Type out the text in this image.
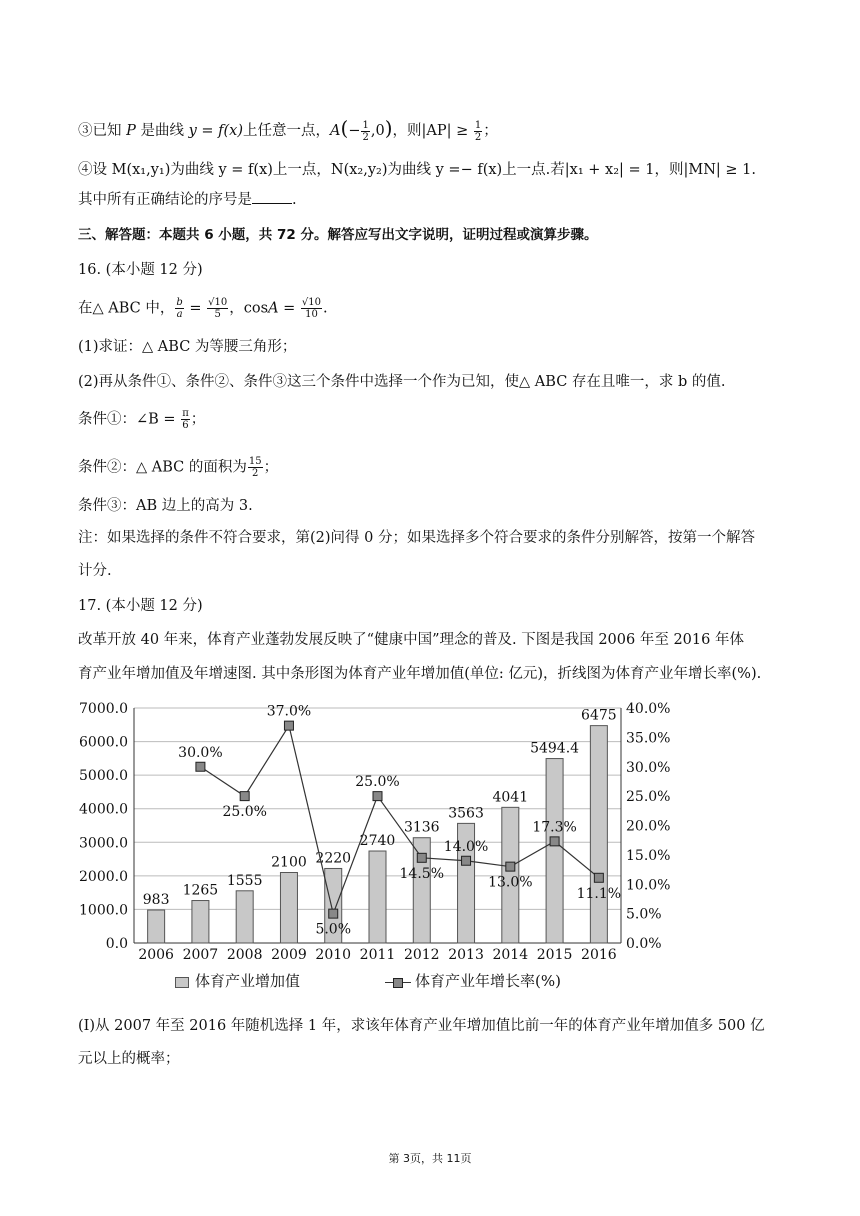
③已知 P 是曲线 y = f(x)上任意一点，$A(- \frac{1}{2} ,0)$，则$|AP| \ge \frac{1}{2}$ ；
④设 M(x₁,y₁)为曲线 y = f(x)上一点，N(x₂,y₂)为曲线 y =− f(x)上一点.若|x₁ + x₂| = 1，则|MN| ≥ 1.
其中所有正确结论的序号是	.
三、解答题：本题共 6 小题，共 72 分。解答应写出文字说明，证明过程或演算步骤。
16. (本小题 12 分)
在△ ABC 中， $\frac{b}{a} = \frac{√10}{5}$ ，$\cos A = \frac{√10}{10}$ .
(1)求证：△ ABC 为等腰三角形；
(2)再从条件①、条件②、条件③这三个条件中选择一个作为已知，使△ ABC 存在且唯一，求 b 的值.
条件①：∠B = $\frac{\pi}{6}$ ；
条件②：△ ABC 的面积为 $\frac{15}{2}$ ；
条件③：AB 边上的高为 3.
注：如果选择的条件不符合要求，第(2)问得 0 分；如果选择多个符合要求的条件分别解答，按第一个解答
计分.
17. (本小题 12 分)
改革开放 40 年来，体育产业蓬勃发展反映了“健康中国”理念的普及. 下图是我国 2006 年至 2016 年体
育产业年增加值及年增速图. 其中条形图为体育产业年增加值(单位: 亿元)，折线图为体育产业年增长率(%).
0.0
1000.0
2000.0
3000.0
4000.0
5000.0
6000.0
7000.0
0.0%
5.0%
10.0%
15.0%
20.0%
25.0%
30.0%
35.0%
40.0%
983
2006
1265
2007
1555
2008
2100
2009
2220
2010
2740
2011
3136
2012
3563
2013
4041
2014
5494.4
2015
6475
2016
30.0%
25.0%
37.0%
5.0%
25.0%
14.5%
14.0%
13.0%
17.3%
11.1%
体育产业增加值	体育产业年增长率(%)
(Ⅰ)从 2007 年至 2016 年随机选择 1 年，求该年体育产业年增加值比前一年的体育产业年增加值多 500 亿
元以上的概率；
第 3页，共 11页
